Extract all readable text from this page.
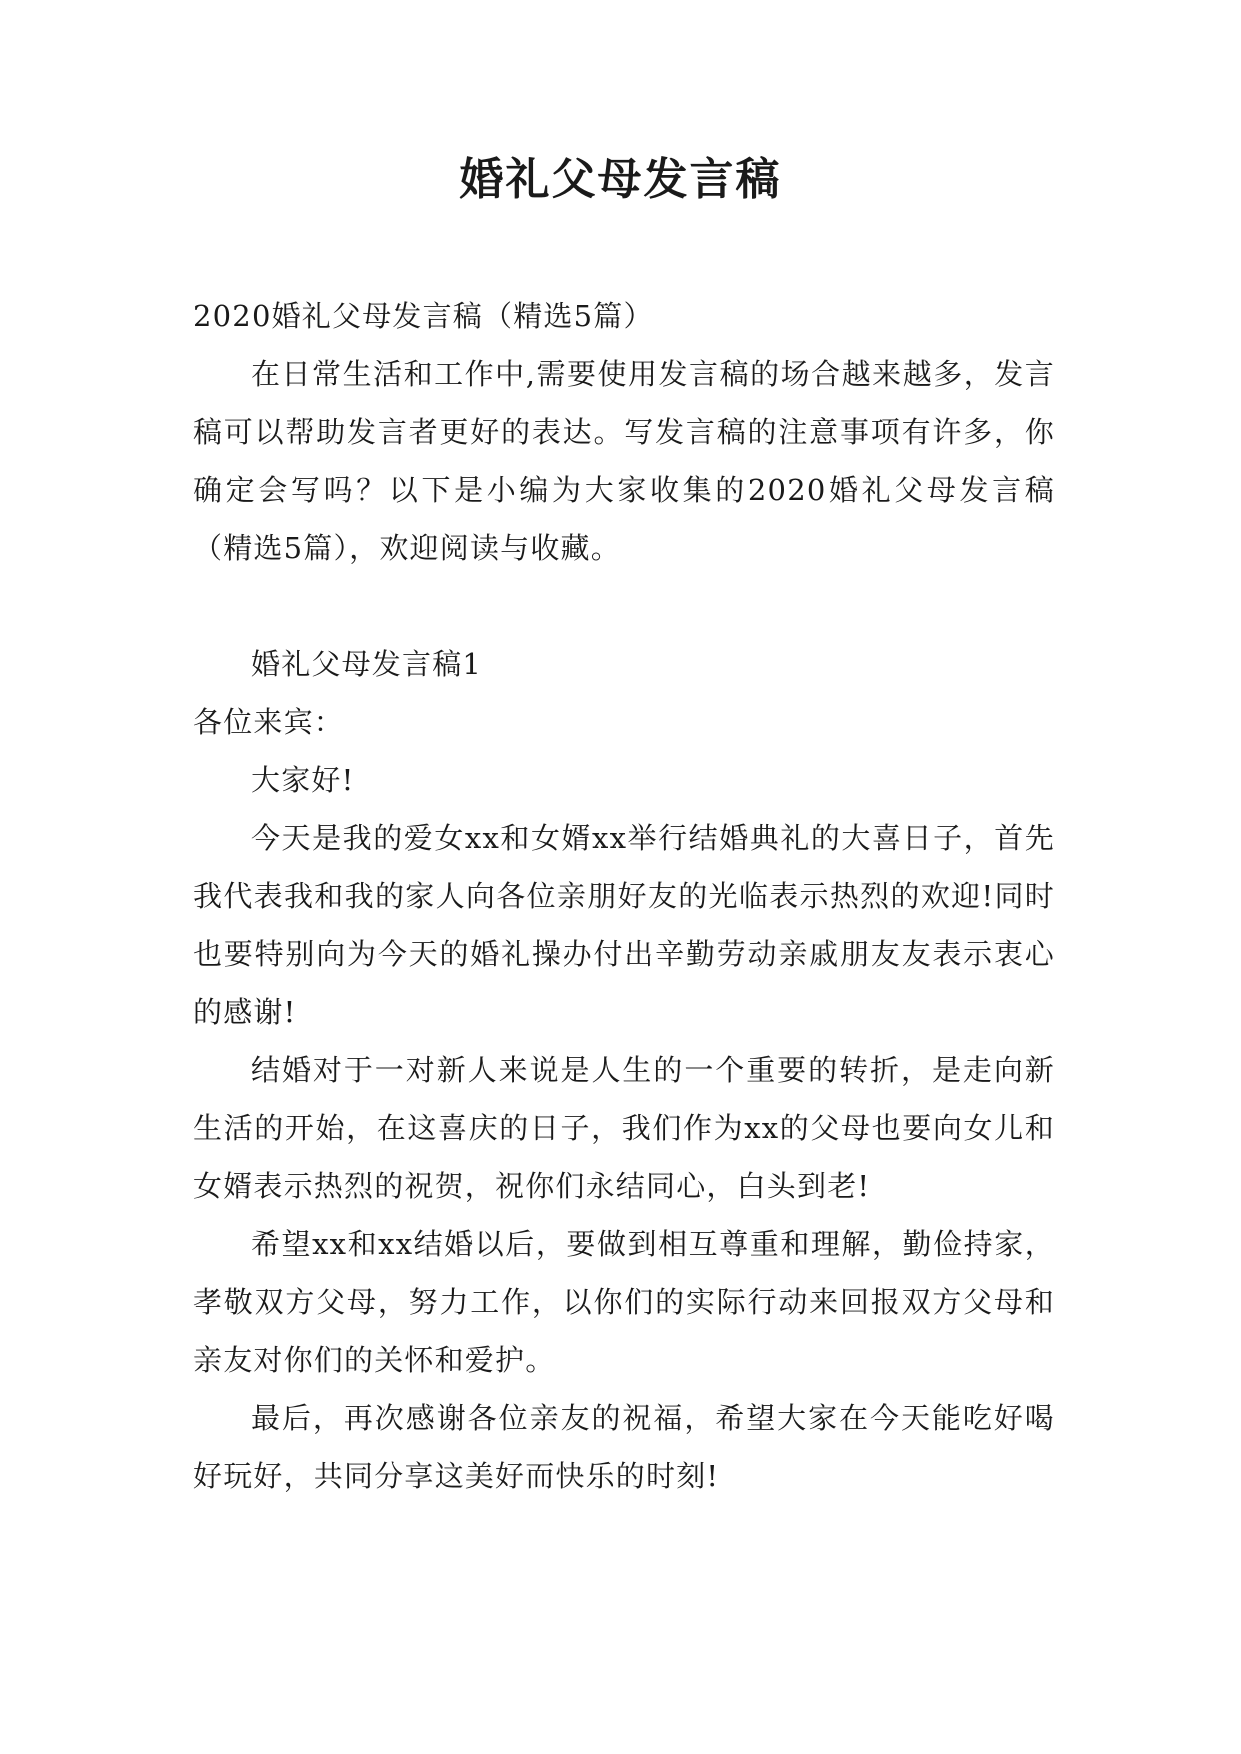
婚礼父母发言稿

2020婚礼父母发言稿（精选5篇）

在日常生活和工作中,需要使用发言稿的场合越来越多，发言稿可以帮助发言者更好的表达。写发言稿的注意事项有许多，你确定会写吗？以下是小编为大家收集的2020婚礼父母发言稿（精选5篇），欢迎阅读与收藏。

婚礼父母发言稿1

各位来宾：

大家好!

今天是我的爱女xx和女婿xx举行结婚典礼的大喜日子，首先我代表我和我的家人向各位亲朋好友的光临表示热烈的欢迎!同时也要特别向为今天的婚礼操办付出辛勤劳动亲戚朋友友表示衷心的感谢!

结婚对于一对新人来说是人生的一个重要的转折，是走向新生活的开始，在这喜庆的日子，我们作为xx的父母也要向女儿和女婿表示热烈的祝贺，祝你们永结同心，白头到老!

希望xx和xx结婚以后，要做到相互尊重和理解，勤俭持家，孝敬双方父母，努力工作，以你们的实际行动来回报双方父母和亲友对你们的关怀和爱护。

最后，再次感谢各位亲友的祝福，希望大家在今天能吃好喝好玩好，共同分享这美好而快乐的时刻!
